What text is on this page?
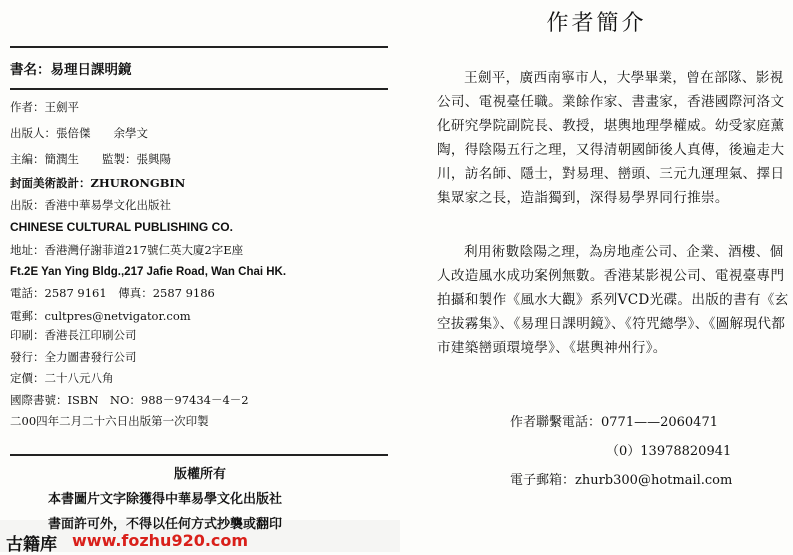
書名：易理日課明鏡
作者：王劍平
出版人：張倍傑　　余學文
主編：簡潤生　　監製：張興陽
封面美術設計：ZHURONGBIN
出版：香港中華易學文化出版社
CHINESE CULTURAL PUBLISHING CO.
地址：香港灣仔謝菲道217號仁英大廈2字E座
Ft.2E Yan Ying Bldg.,217 Jafie Road, Wan Chai HK.
電話：2587 9161　傳真：2587 9186
電郵：cultpres@netvigator.com
印刷：香港長江印刷公司
發行：全力圖書發行公司
定價：二十八元八角
國際書號：ISBN　NO：988－97434－4－2
二00四年二月二十六日出版第一次印製
版權所有
本書圖片文字除獲得中華易學文化出版社
書面許可外，不得以任何方式抄襲或翻印
古籍库 www.fozhu920.com
作者簡介
王劍平，廣西南寧市人，大學畢業，曾在部隊、影視
公司、電視臺任職。業餘作家、書畫家，香港國際河洛文
化研究學院副院長、教授，堪輿地理學權威。幼受家庭薰
陶，得陰陽五行之理，又得清朝國師後人真傳，後遍走大
川，訪名師、隱士，對易理、巒頭、三元九運理氣、擇日
集眾家之長，造詣獨到，深得易學界同行推崇。
利用術數陰陽之理，為房地產公司、企業、酒樓、個
人改造風水成功案例無數。香港某影視公司、電視臺專門
拍攝和製作《風水大觀》系列VCD光碟。出版的書有《玄
空拔霧集》、《易理日課明鏡》、《符咒總學》、《圖解現代都
市建築巒頭環境學》、《堪輿神州行》。
作者聯繫電話：0771——2060471
（0）13978820941
電子郵箱：zhurb300@hotmail.com
